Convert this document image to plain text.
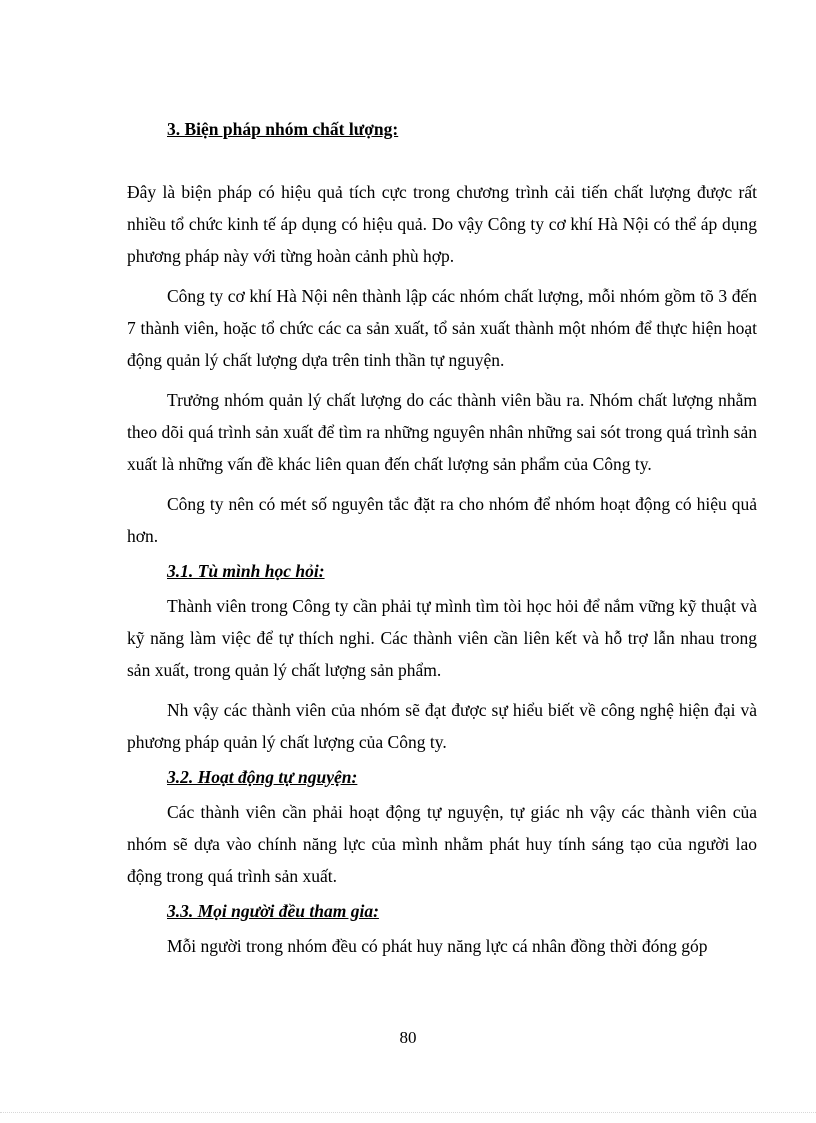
3. Biện pháp nhóm chất lượng:

Đây là biện pháp có hiệu quả tích cực trong chương trình cải tiến chất lượng được rất nhiều tổ chức kinh tế áp dụng có hiệu quả. Do vậy Công ty cơ khí Hà Nội có thể áp dụng phương pháp này với từng hoàn cảnh phù hợp.

Công ty cơ khí Hà Nội nên thành lập các nhóm chất lượng, mỗi nhóm gồm tõ 3 đến 7 thành viên, hoặc tổ chức các ca sản xuất, tổ sản xuất thành một nhóm để thực hiện hoạt động quản lý chất lượng dựa trên tinh thần tự nguyện.

Trưởng nhóm quản lý chất lượng do các thành viên bầu ra. Nhóm chất lượng nhằm theo dõi quá trình sản xuất để tìm ra những nguyên nhân những sai sót trong quá trình sản xuất là những vấn đề khác liên quan đến chất lượng sản phẩm của Công ty.

Công ty nên có mét số nguyên tắc đặt ra cho nhóm để nhóm hoạt động có hiệu quả hơn.

3.1. Tù mình học hỏi:

Thành viên trong Công ty cần phải tự mình tìm tòi học hỏi để nắm vững kỹ thuật và kỹ năng làm việc để tự thích nghi. Các thành viên cần liên kết và hỗ trợ lẫn nhau trong sản xuất, trong quản lý chất lượng sản phẩm.

Nh vậy các thành viên của nhóm sẽ đạt được sự hiểu biết về công nghệ hiện đại và phương pháp quản lý chất lượng của Công ty.

3.2. Hoạt động tự nguyện:

Các thành viên cần phải hoạt động tự nguyện, tự giác nh vậy các thành viên của nhóm sẽ dựa vào chính năng lực của mình nhằm phát huy tính sáng tạo của người lao động trong quá trình sản xuất.

3.3. Mọi người đều tham gia:

Mỗi người trong nhóm đều có phát huy năng lực cá nhân đồng thời đóng góp

80
